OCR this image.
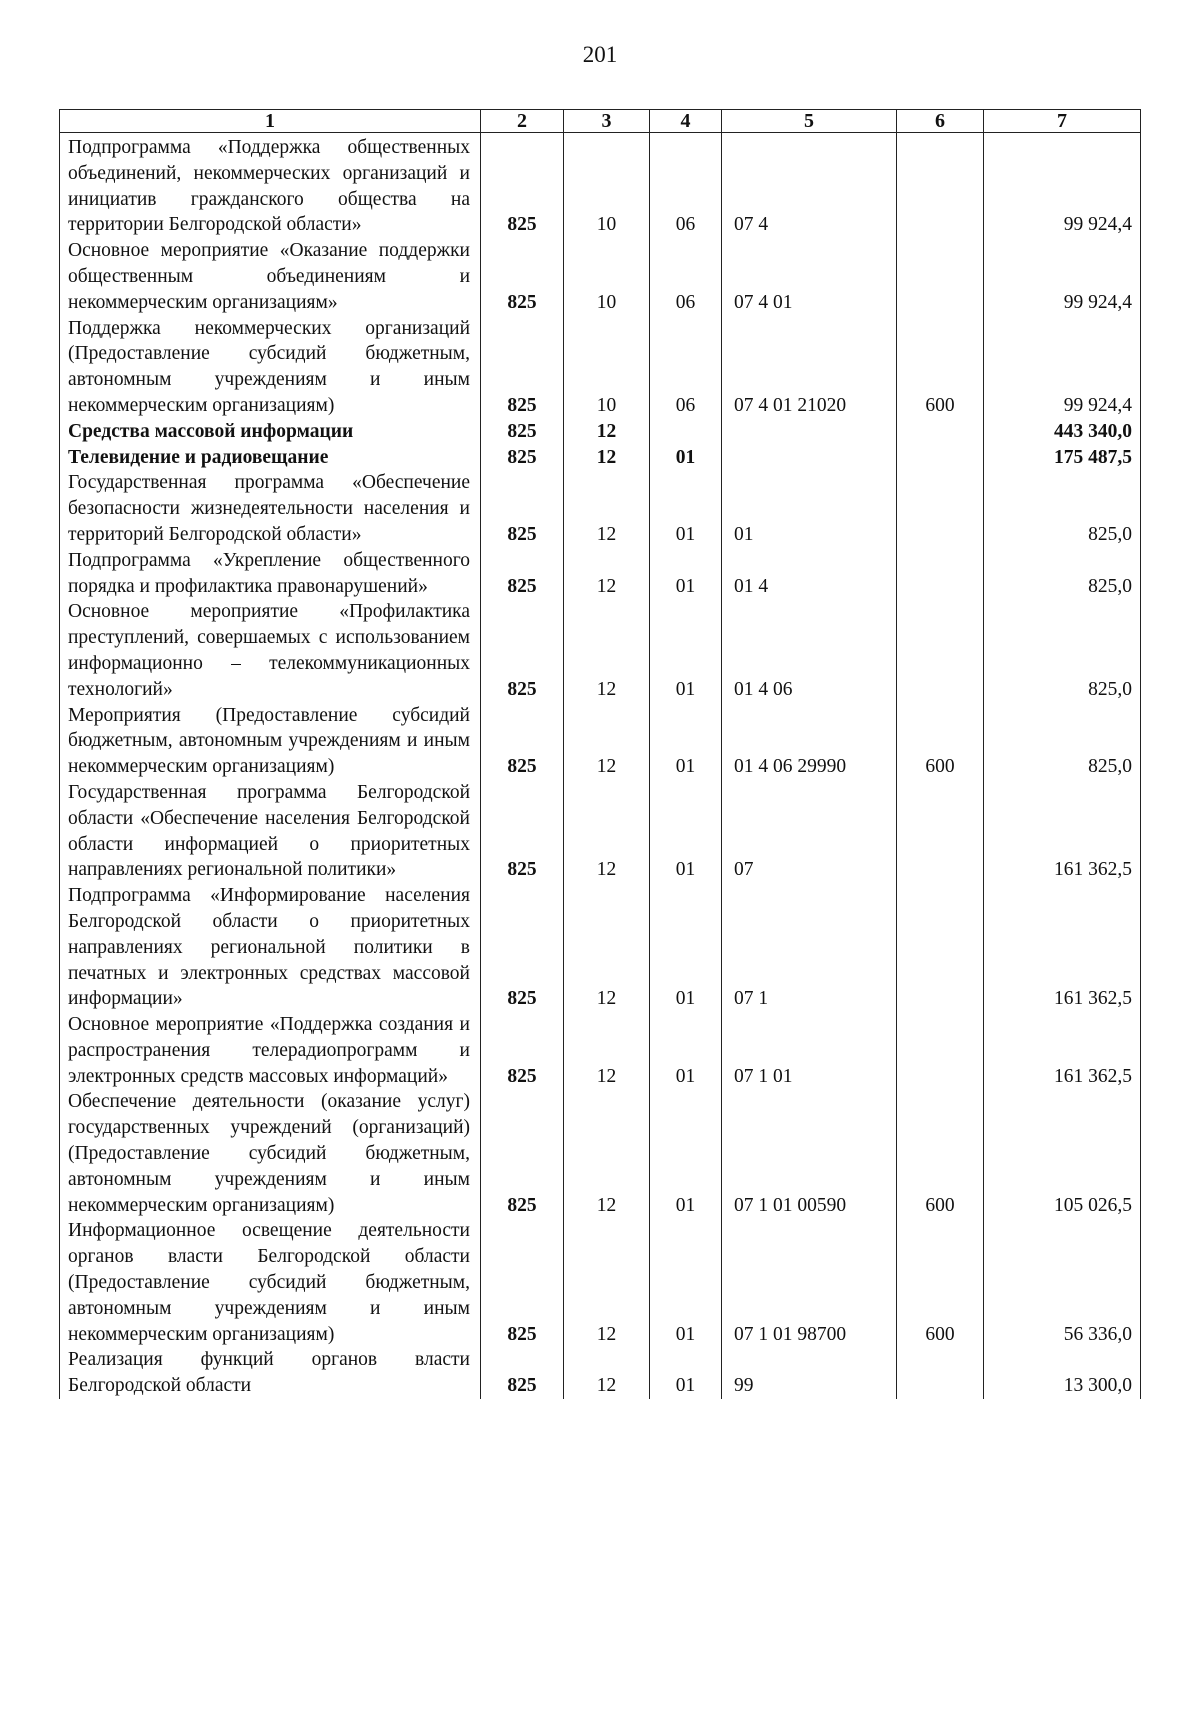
201
1	2	3	4	5	6	7
Подпрограмма «Поддержка общественных объединений, некоммерческих организаций и инициатив гражданского общества на территории Белгородской области»	825	10	06	07 4		99 924,4
Основное мероприятие «Оказание поддержки общественным объединениям и некоммерческим организациям»	825	10	06	07 4 01		99 924,4
Поддержка некоммерческих организаций (Предоставление субсидий бюджетным, автономным учреждениям и иным некоммерческим организациям)	825	10	06	07 4 01 21020	600	99 924,4
Средства массовой информации	825	12				443 340,0
Телевидение и радиовещание	825	12	01			175 487,5
Государственная программа «Обеспечение безопасности жизнедеятельности населения и территорий Белгородской области»	825	12	01	01		825,0
Подпрограмма «Укрепление общественного порядка и профилактика правонарушений»	825	12	01	01 4		825,0
Основное мероприятие «Профилактика преступлений, совершаемых с использованием информационно – телекоммуникационных технологий»	825	12	01	01 4 06		825,0
Мероприятия (Предоставление субсидий бюджетным, автономным учреждениям и иным некоммерческим организациям)	825	12	01	01 4 06 29990	600	825,0
Государственная программа Белгородской области «Обеспечение населения Белгородской области информацией о приоритетных направлениях региональной политики»	825	12	01	07		161 362,5
Подпрограмма «Информирование населения Белгородской области о приоритетных направлениях региональной политики в печатных и электронных средствах массовой информации»	825	12	01	07 1		161 362,5
Основное мероприятие «Поддержка создания и распространения телерадиопрограмм и электронных средств массовых информаций»	825	12	01	07 1 01		161 362,5
Обеспечение деятельности (оказание услуг) государственных учреждений (организаций) (Предоставление субсидий бюджетным, автономным учреждениям и иным некоммерческим организациям)	825	12	01	07 1 01 00590	600	105 026,5
Информационное освещение деятельности органов власти Белгородской области (Предоставление субсидий бюджетным, автономным учреждениям и иным некоммерческим организациям)	825	12	01	07 1 01 98700	600	56 336,0
Реализация функций органов власти Белгородской области	825	12	01	99		13 300,0
